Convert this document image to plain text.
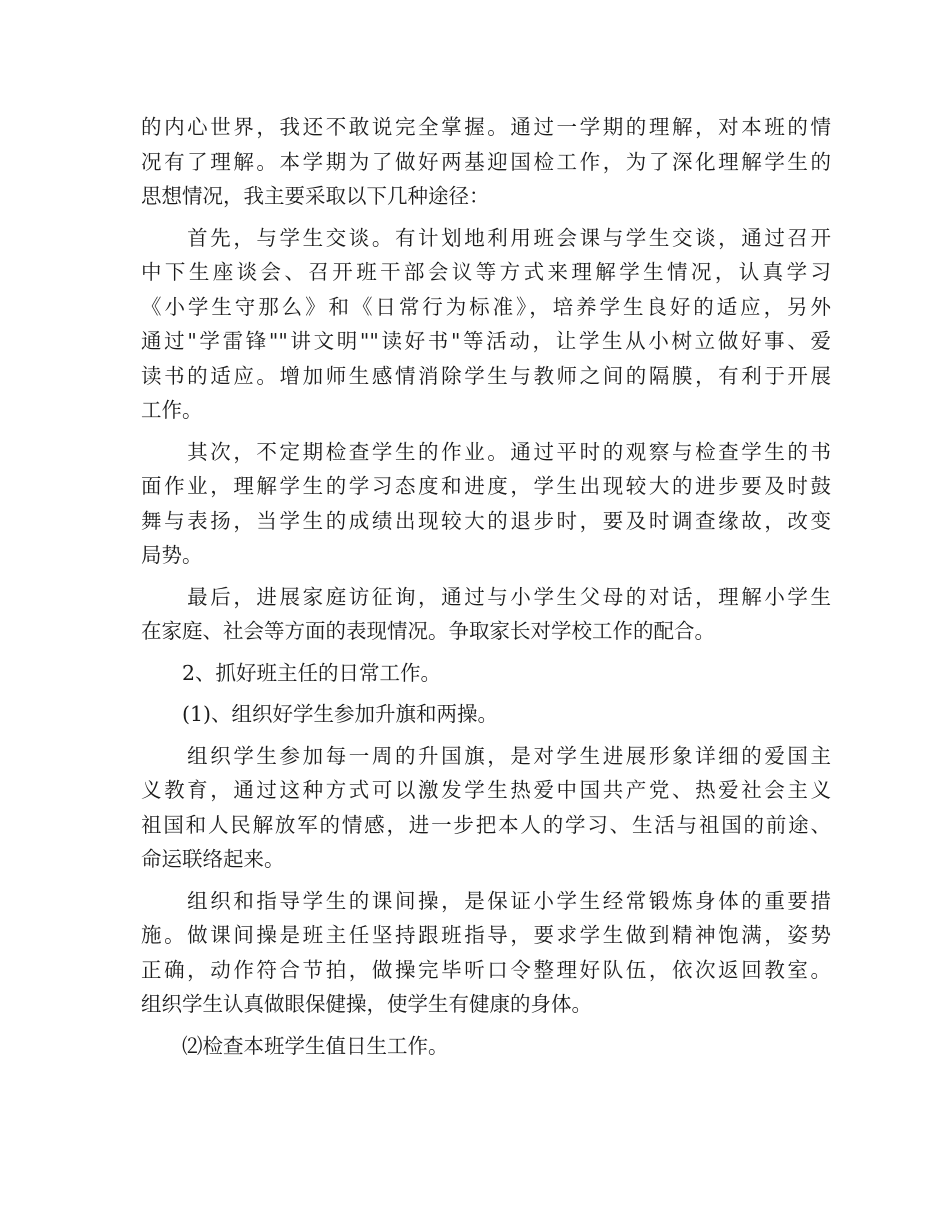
的内心世界，我还不敢说完全掌握。通过一学期的理解，对本班的情
况有了理解。本学期为了做好两基迎国检工作，为了深化理解学生的
思想情况，我主要采取以下几种途径：
　　首先，与学生交谈。有计划地利用班会课与学生交谈，通过召开
中下生座谈会、召开班干部会议等方式来理解学生情况，认真学习
《小学生守那么》和《日常行为标准》，培养学生良好的适应，另外
通过"学雷锋""讲文明""读好书"等活动，让学生从小树立做好事、爱
读书的适应。增加师生感情消除学生与教师之间的隔膜，有利于开展
工作。
　　其次，不定期检查学生的作业。通过平时的观察与检查学生的书
面作业，理解学生的学习态度和进度，学生出现较大的进步要及时鼓
舞与表扬，当学生的成绩出现较大的退步时，要及时调查缘故，改变
局势。
　　最后，进展家庭访征询，通过与小学生父母的对话，理解小学生
在家庭、社会等方面的表现情况。争取家长对学校工作的配合。
　　2、抓好班主任的日常工作。
　　(1)、组织好学生参加升旗和两操。
　　组织学生参加每一周的升国旗，是对学生进展形象详细的爱国主
义教育，通过这种方式可以激发学生热爱中国共产党、热爱社会主义
祖国和人民解放军的情感，进一步把本人的学习、生活与祖国的前途、
命运联络起来。
　　组织和指导学生的课间操，是保证小学生经常锻炼身体的重要措
施。做课间操是班主任坚持跟班指导，要求学生做到精神饱满，姿势
正确，动作符合节拍，做操完毕听口令整理好队伍，依次返回教室。
组织学生认真做眼保健操，使学生有健康的身体。
　　⑵检查本班学生值日生工作。
